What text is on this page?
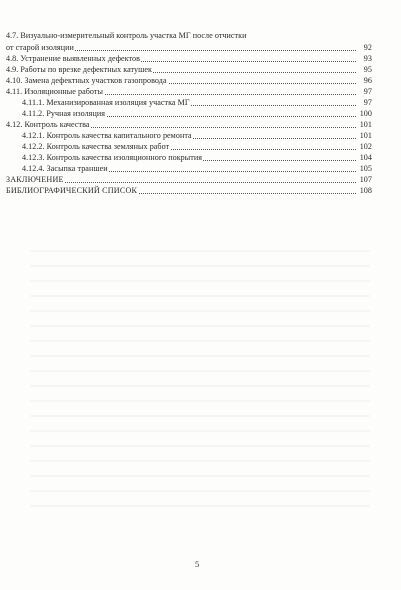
4.7. Визуально-измерительный контроль участка МГ после отчистки
от старой изоляции	92
4.8. Устранение выявленных дефектов	93
4.9. Работы по врезке дефектных катушек	95
4.10. Замена дефектных участков газопровода	96
4.11. Изоляционные работы	97
4.11.1. Механизированная изоляция участка МГ	97
4.11.2. Ручная изоляция	100
4.12. Контроль качества	101
4.12.1. Контроль качества капитального ремонта	101
4.12.2. Контроль качества земляных работ	102
4.12.3. Контроль качества изоляционного покрытия	104
4.12.4. Засыпка траншеи	105
ЗАКЛЮЧЕНИЕ	107
БИБЛИОГРАФИЧЕСКИЙ СПИСОК	108
5
